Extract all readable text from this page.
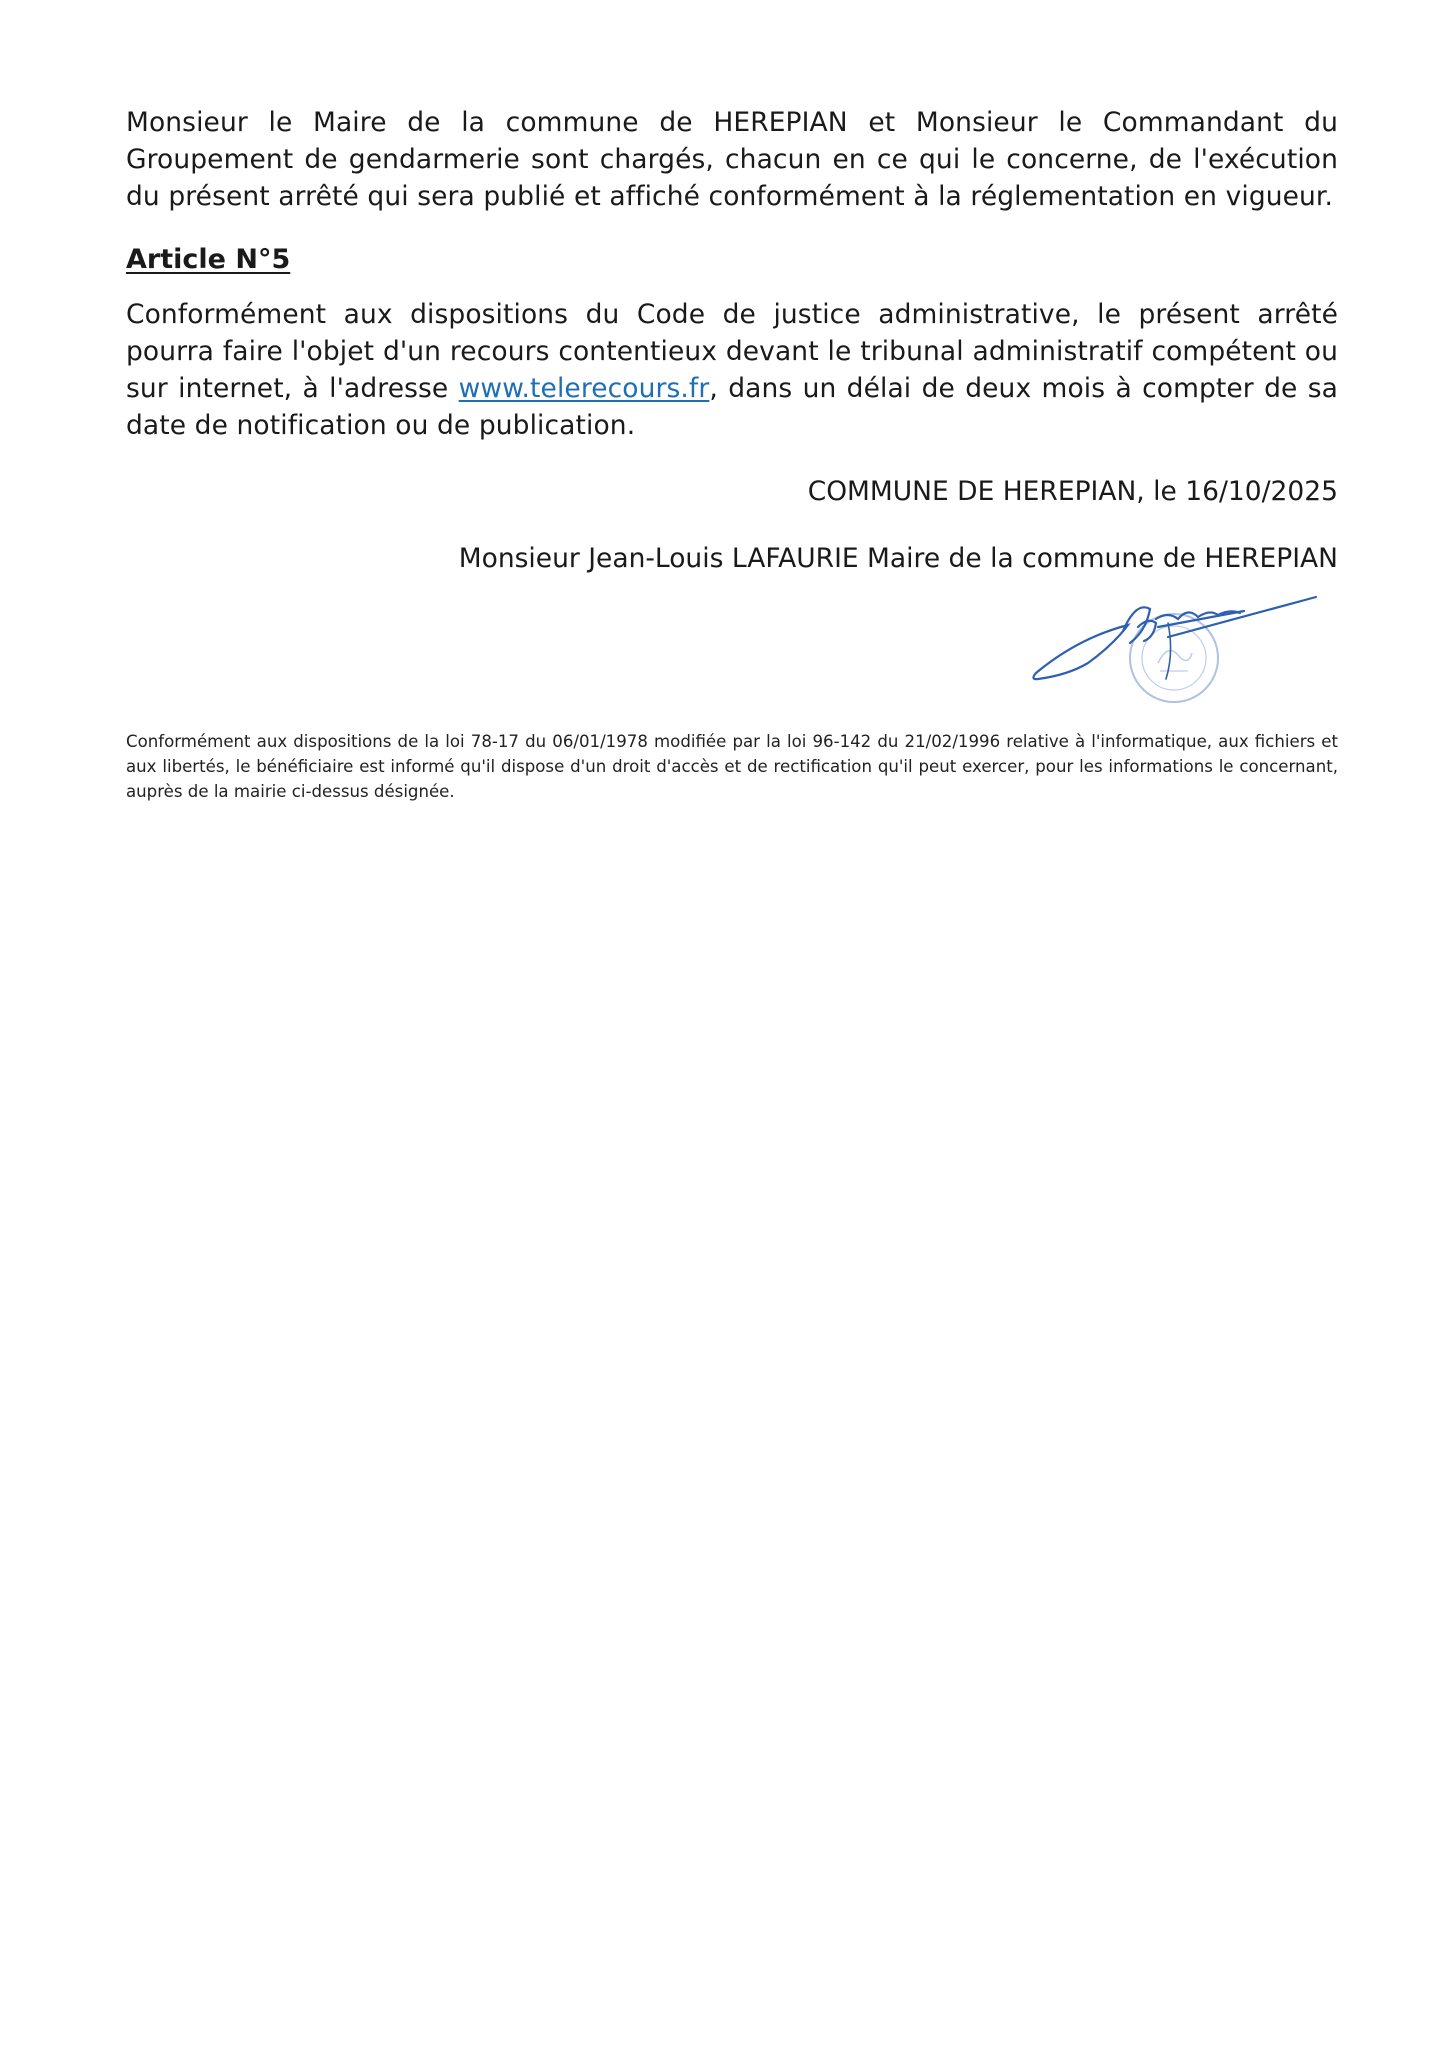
Monsieur le Maire de la commune de HEREPIAN et Monsieur le Commandant du Groupement de gendarmerie sont chargés, chacun en ce qui le concerne, de l'exécution du présent arrêté qui sera publié et affiché conformément à la réglementation en vigueur.

Article N°5

Conformément aux dispositions du Code de justice administrative, le présent arrêté pourra faire l'objet d'un recours contentieux devant le tribunal administratif compétent ou sur internet, à l'adresse www.telerecours.fr, dans un délai de deux mois à compter de sa date de notification ou de publication.

COMMUNE DE HEREPIAN, le 16/10/2025

Monsieur Jean-Louis LAFAURIE Maire de la commune de HEREPIAN

Conformément aux dispositions de la loi 78-17 du 06/01/1978 modifiée par la loi 96-142 du 21/02/1996 relative à l'informatique, aux fichiers et aux libertés, le bénéficiaire est informé qu'il dispose d'un droit d'accès et de rectification qu'il peut exercer, pour les informations le concernant, auprès de la mairie ci-dessus désignée.
